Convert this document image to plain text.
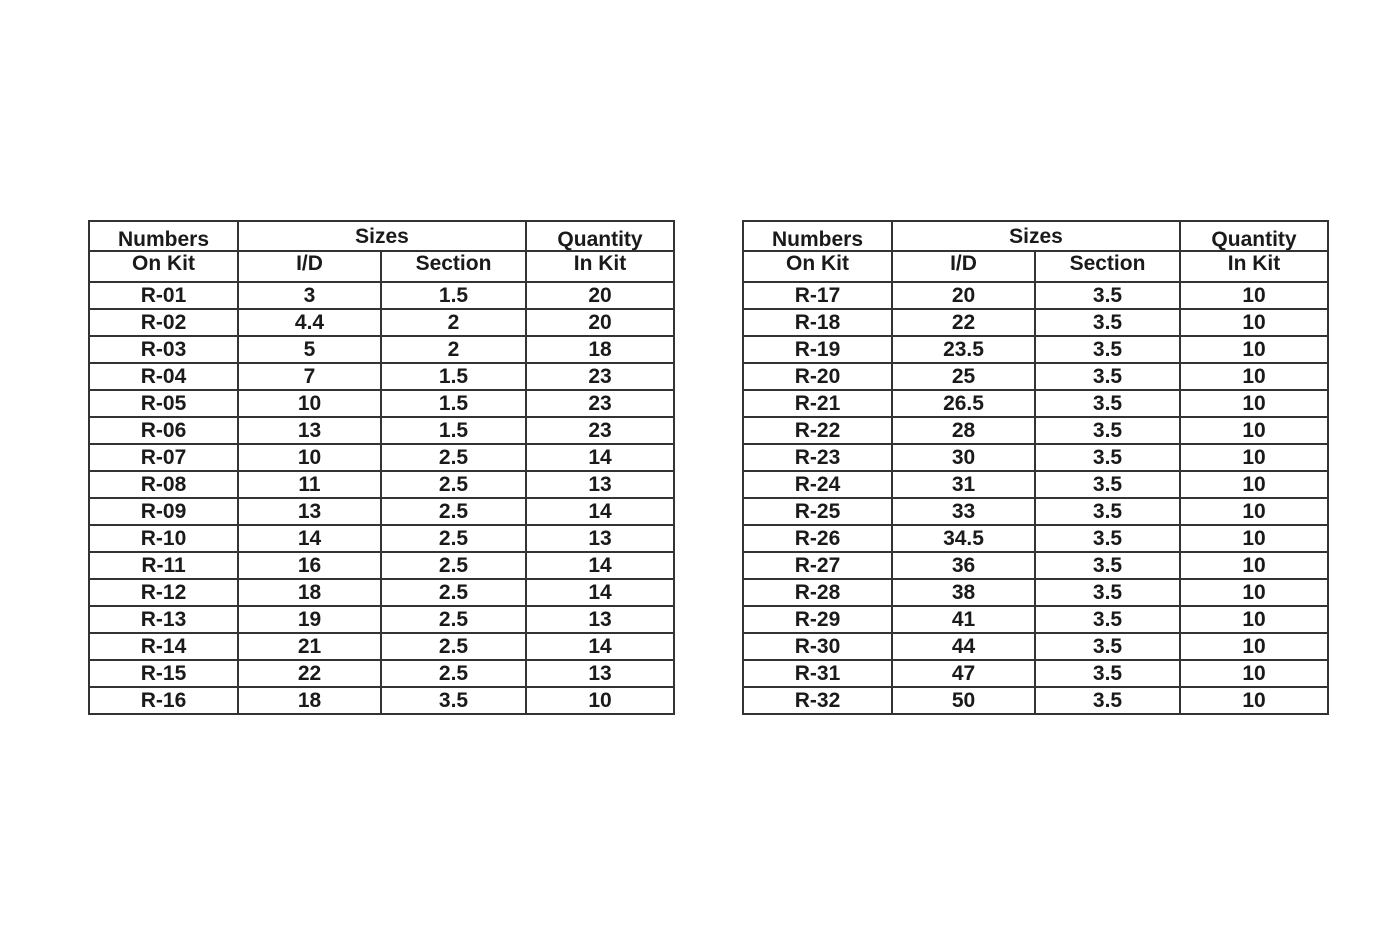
Numbers	Sizes		Quantity
On Kit	I/D	Section	In Kit
R-01	3	1.5	20
R-02	4.4	2	20
R-03	5	2	18
R-04	7	1.5	23
R-05	10	1.5	23
R-06	13	1.5	23
R-07	10	2.5	14
R-08	11	2.5	13
R-09	13	2.5	14
R-10	14	2.5	13
R-11	16	2.5	14
R-12	18	2.5	14
R-13	19	2.5	13
R-14	21	2.5	14
R-15	22	2.5	13
R-16	18	3.5	10
Numbers	Sizes		Quantity
On Kit	I/D	Section	In Kit
R-17	20	3.5	10
R-18	22	3.5	10
R-19	23.5	3.5	10
R-20	25	3.5	10
R-21	26.5	3.5	10
R-22	28	3.5	10
R-23	30	3.5	10
R-24	31	3.5	10
R-25	33	3.5	10
R-26	34.5	3.5	10
R-27	36	3.5	10
R-28	38	3.5	10
R-29	41	3.5	10
R-30	44	3.5	10
R-31	47	3.5	10
R-32	50	3.5	10
